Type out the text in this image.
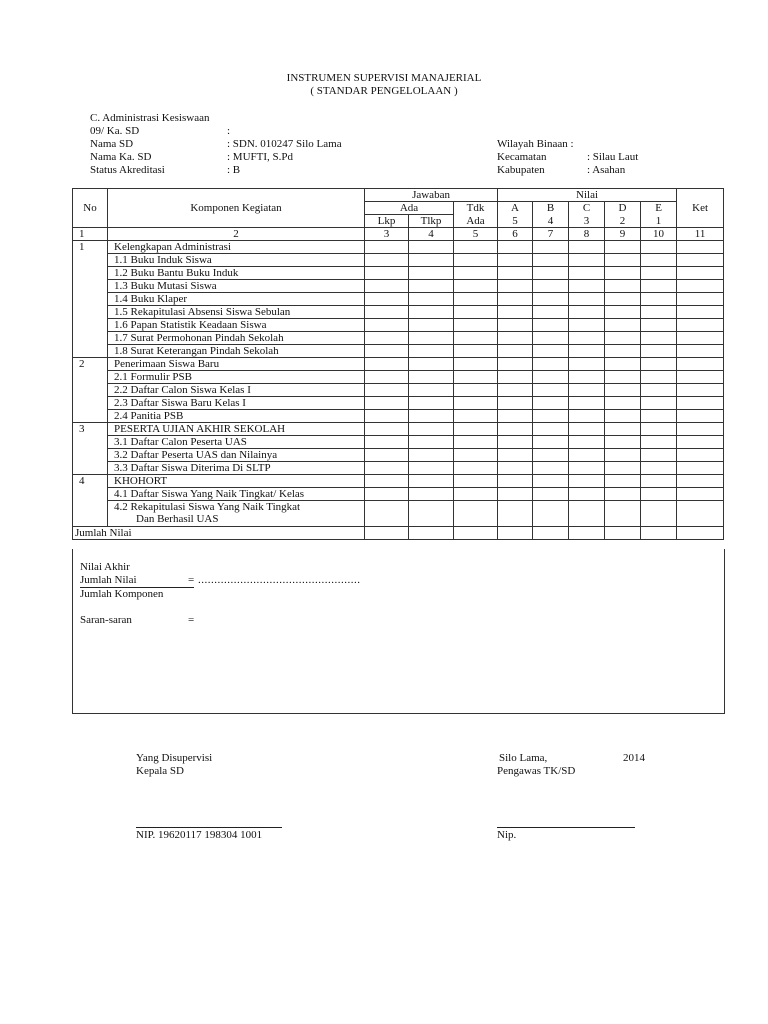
INSTRUMEN SUPERVISI MANAJERIAL
( STANDAR PENGELOLAAN )
C. Administrasi Kesiswaan
09/ Ka. SD	:
Nama SD	: SDN. 010247 Silo Lama
Nama Ka. SD	: MUFTI, S.Pd
Status Akreditasi	: B
Wilayah Binaan :
Kecamatan	: Silau Laut
Kabupaten	: Asahan
No	Komponen Kegiatan	Jawaban			Nilai					Ket
		Ada		Tdk	A	B	C	D	E	
		Lkp	Tlkp	Ada	5	4	3	2	1	
1	2	3	4	5	6	7	8	9	10	11
1	Kelengkapan Administrasi									
	1.1 Buku Induk Siswa									
	1.2 Buku Bantu Buku Induk									
	1.3 Buku Mutasi Siswa									
	1.4 Buku Klaper									
	1.5 Rekapitulasi Absensi Siswa Sebulan									
	1.6 Papan Statistik Keadaan Siswa									
	1.7 Surat Permohonan Pindah Sekolah									
	1.8 Surat Keterangan Pindah Sekolah									
2	Penerimaan Siswa Baru									
	2.1 Formulir PSB									
	2.2 Daftar Calon Siswa Kelas I									
	2.3 Daftar Siswa Baru Kelas I									
	2.4 Panitia PSB									
3	PESERTA UJIAN AKHIR SEKOLAH									
	3.1 Daftar Calon Peserta UAS									
	3.2 Daftar Peserta UAS dan Nilainya									
	3.3 Daftar Siswa Diterima Di SLTP									
4	KHOHORT									
	4.1 Daftar Siswa Yang Naik Tingkat/ Kelas									
	4.2 Rekapitulasi Siswa Yang Naik Tingkat
Dan Berhasil UAS									
Jumlah Nilai										
Nilai Akhir
Jumlah Nilai	= ..................................................
Jumlah Komponen
Saran-saran	=
Yang Disupervisi
Kepala SD
NIP. 19620117 198304 1001
Silo Lama,	2014
Pengawas TK/SD
Nip.
